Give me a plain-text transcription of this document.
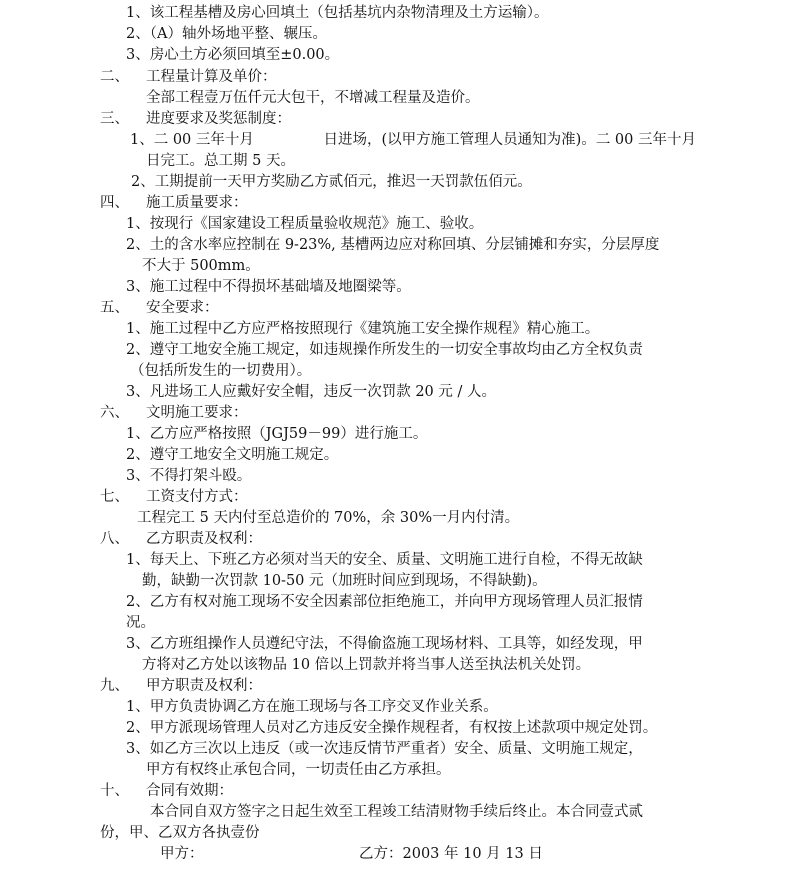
1、该工程基槽及房心回填土（包括基坑内杂物清理及土方运输）。
2、（A）轴外场地平整、辗压。
3、房心土方必须回填至±0.00。
二、 工程量计算及单价：
全部工程壹万伍仟元大包干，不增减工程量及造价。
三、 进度要求及奖惩制度：
1、二 00 三年十月	日进场，(以甲方施工管理人员通知为准)。二 00 三年十月
日完工。总工期 5 天。
2、工期提前一天甲方奖励乙方贰佰元，推迟一天罚款伍佰元。
四、 施工质量要求：
1、按现行《国家建设工程质量验收规范》施工、验收。
2、土的含水率应控制在 9-23%, 基槽两边应对称回填、分层铺摊和夯实，分层厚度
不大于 500mm。
3、施工过程中不得损坏基础墙及地圈梁等。
五、 安全要求：
1、施工过程中乙方应严格按照现行《建筑施工安全操作规程》精心施工。
2、遵守工地安全施工规定，如违规操作所发生的一切安全事故均由乙方全权负责
（包括所发生的一切费用）。
3、凡进场工人应戴好安全帽，违反一次罚款 20 元 / 人。
六、 文明施工要求：
1、乙方应严格按照（JGJ59－99）进行施工。
2、遵守工地安全文明施工规定。
3、不得打架斗殴。
七、 工资支付方式：
工程完工 5 天内付至总造价的 70%，余 30%一月内付清。
八、 乙方职责及权利：
1、每天上、下班乙方必须对当天的安全、质量、文明施工进行自检，不得无故缺
勤，缺勤一次罚款 10-50 元（加班时间应到现场，不得缺勤)。
2、乙方有权对施工现场不安全因素部位拒绝施工，并向甲方现场管理人员汇报情
况。
3、乙方班组操作人员遵纪守法，不得偷盗施工现场材料、工具等，如经发现，甲
方将对乙方处以该物品 10 倍以上罚款并将当事人送至执法机关处罚。
九、 甲方职责及权利：
1、甲方负责协调乙方在施工现场与各工序交叉作业关系。
2、甲方派现场管理人员对乙方违反安全操作规程者，有权按上述款项中规定处罚。
3、如乙方三次以上违反（或一次违反情节严重者）安全、质量、文明施工规定，
甲方有权终止承包合同，一切责任由乙方承担。
十、 合同有效期：
本合同自双方签字之日起生效至工程竣工结清财物手续后终止。本合同壹式贰
份，甲、乙双方各执壹份
甲方：	乙方：2003 年 10 月 13 日
